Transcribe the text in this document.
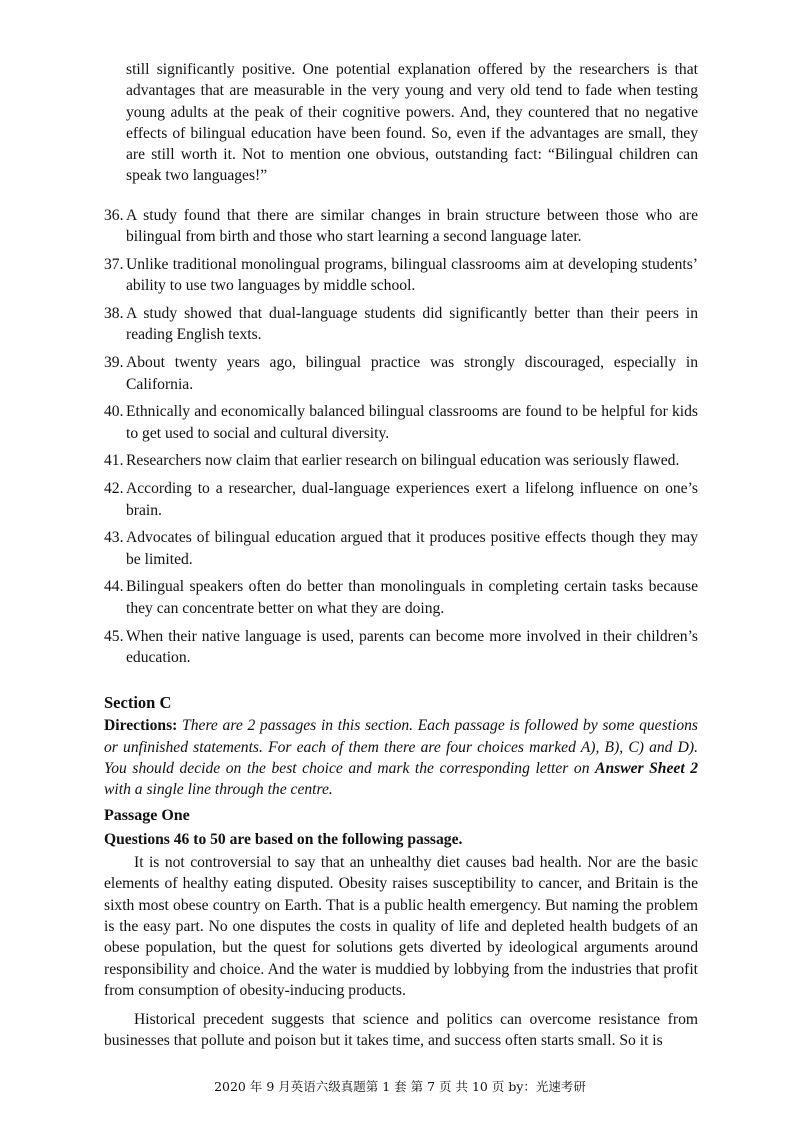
still significantly positive. One potential explanation offered by the researchers is that advantages that are measurable in the very young and very old tend to fade when testing young adults at the peak of their cognitive powers. And, they countered that no negative effects of bilingual education have been found. So, even if the advantages are small, they are still worth it. Not to mention one obvious, outstanding fact: “Bilingual children can speak two languages!”
36. A study found that there are similar changes in brain structure between those who are bilingual from birth and those who start learning a second language later.
37. Unlike traditional monolingual programs, bilingual classrooms aim at developing students’ ability to use two languages by middle school.
38. A study showed that dual-language students did significantly better than their peers in reading English texts.
39. About twenty years ago, bilingual practice was strongly discouraged, especially in California.
40. Ethnically and economically balanced bilingual classrooms are found to be helpful for kids to get used to social and cultural diversity.
41. Researchers now claim that earlier research on bilingual education was seriously flawed.
42. According to a researcher, dual-language experiences exert a lifelong influence on one’s brain.
43. Advocates of bilingual education argued that it produces positive effects though they may be limited.
44. Bilingual speakers often do better than monolinguals in completing certain tasks because they can concentrate better on what they are doing.
45. When their native language is used, parents can become more involved in their children’s education.

Section C

Directions: There are 2 passages in this section. Each passage is followed by some questions or unfinished statements. For each of them there are four choices marked A), B), C) and D). You should decide on the best choice and mark the corresponding letter on Answer Sheet 2 with a single line through the centre.

Passage One

Questions 46 to 50 are based on the following passage.

It is not controversial to say that an unhealthy diet causes bad health. Nor are the basic elements of healthy eating disputed. Obesity raises susceptibility to cancer, and Britain is the sixth most obese country on Earth. That is a public health emergency. But naming the problem is the easy part. No one disputes the costs in quality of life and depleted health budgets of an obese population, but the quest for solutions gets diverted by ideological arguments around responsibility and choice. And the water is muddied by lobbying from the industries that profit from consumption of obesity-inducing products.

Historical precedent suggests that science and politics can overcome resistance from businesses that pollute and poison but it takes time, and success often starts small. So it is

2020 年 9 月英语六级真题第 1 套 第 7 页 共 10 页 by：光速考研
